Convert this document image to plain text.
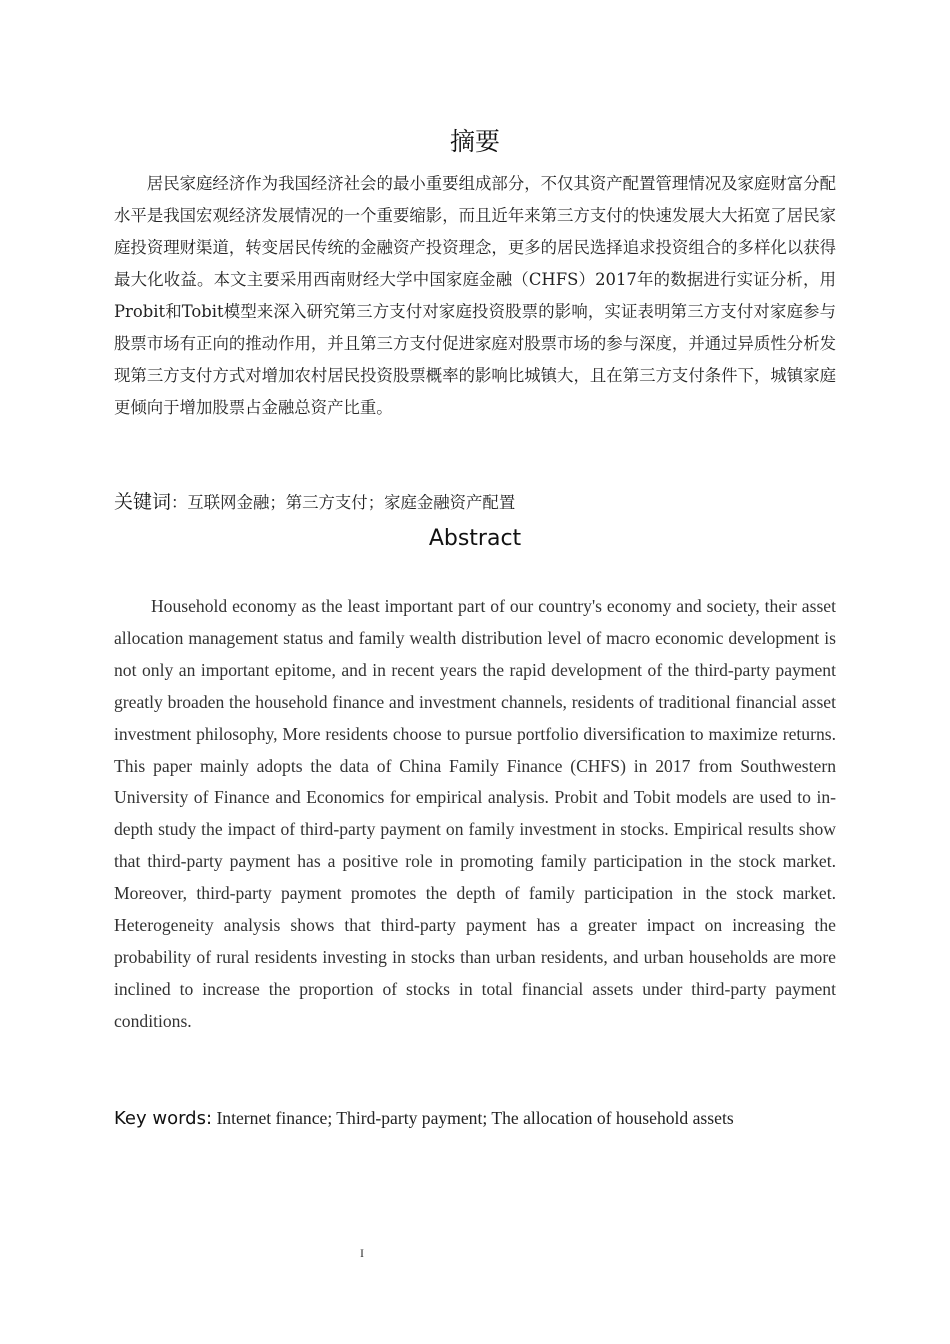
摘要

居民家庭经济作为我国经济社会的最小重要组成部分，不仅其资产配置管理情况及家庭财富分配水平是我国宏观经济发展情况的一个重要缩影，而且近年来第三方支付的快速发展大大拓宽了居民家庭投资理财渠道，转变居民传统的金融资产投资理念，更多的居民选择追求投资组合的多样化以获得最大化收益。本文主要采用西南财经大学中国家庭金融（CHFS）2017年的数据进行实证分析，用Probit和Tobit模型来深入研究第三方支付对家庭投资股票的影响，实证表明第三方支付对家庭参与股票市场有正向的推动作用，并且第三方支付促进家庭对股票市场的参与深度，并通过异质性分析发现第三方支付方式对增加农村居民投资股票概率的影响比城镇大，且在第三方支付条件下，城镇家庭更倾向于增加股票占金融总资产比重。

关键词：互联网金融；第三方支付；家庭金融资产配置
Abstract

Household economy as the least important part of our country's economy and society, their asset allocation management status and family wealth distribution level of macro economic development is not only an important epitome, and in recent years the rapid development of the third-party payment greatly broaden the household finance and investment channels, residents of traditional financial asset investment philosophy, More residents choose to pursue portfolio diversification to maximize returns. This paper mainly adopts the data of China Family Finance (CHFS) in 2017 from Southwestern University of Finance and Economics for empirical analysis. Probit and Tobit models are used to in-depth study the impact of third-party payment on family investment in stocks. Empirical results show that third-party payment has a positive role in promoting family participation in the stock market. Moreover, third-party payment promotes the depth of family participation in the stock market. Heterogeneity analysis shows that third-party payment has a greater impact on increasing the probability of rural residents investing in stocks than urban residents, and urban households are more inclined to increase the proportion of stocks in total financial assets under third-party payment conditions.

Key words: Internet finance; Third-party payment; The allocation of household assets
I
